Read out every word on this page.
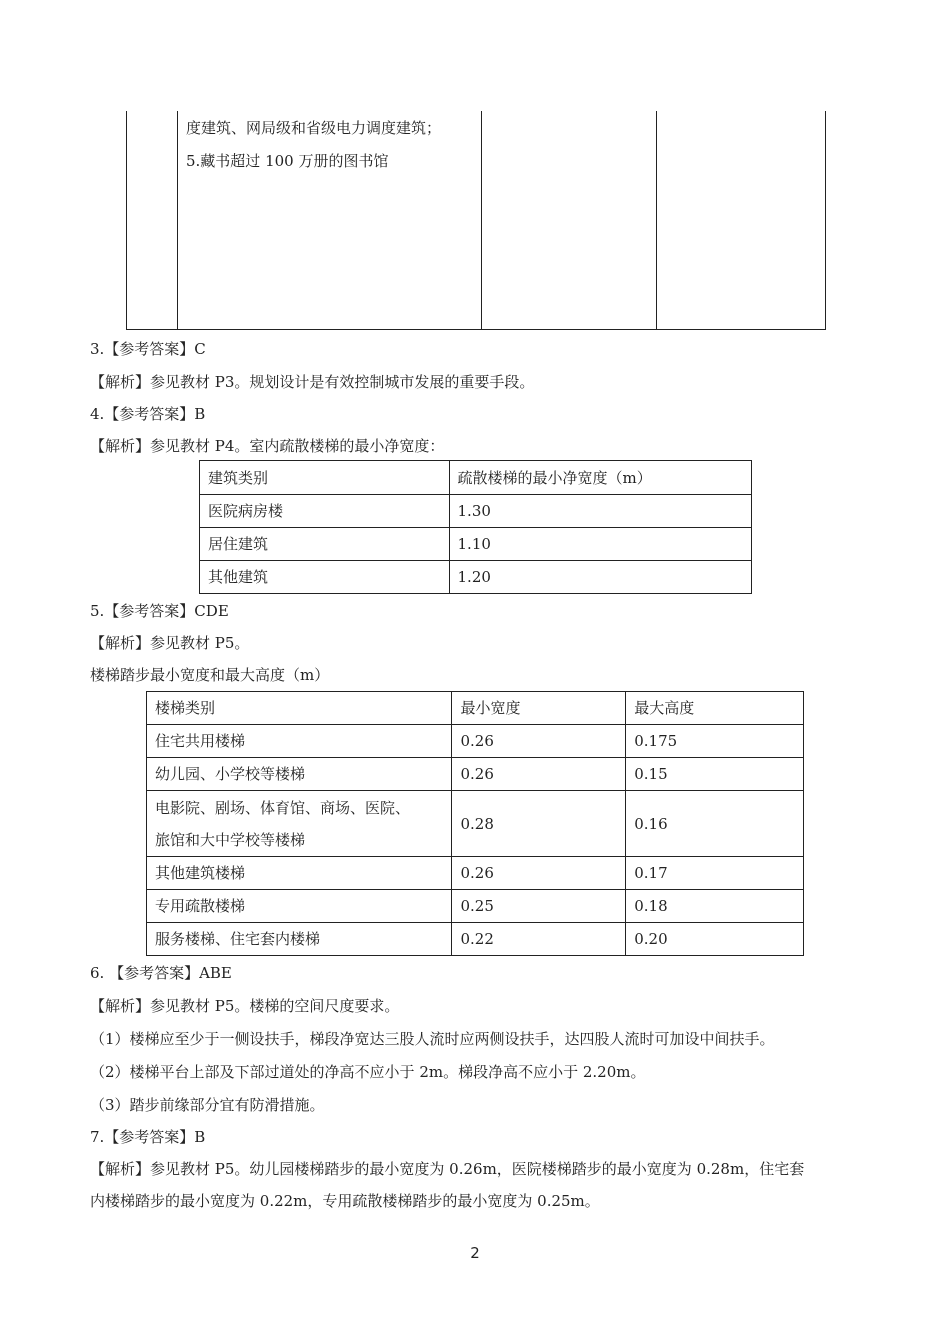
度建筑、网局级和省级电力调度建筑；
5.藏书超过 100 万册的图书馆
3.【参考答案】C
【解析】参见教材 P3。规划设计是有效控制城市发展的重要手段。
4.【参考答案】B
【解析】参见教材 P4。室内疏散楼梯的最小净宽度：
建筑类别	疏散楼梯的最小净宽度（m）
医院病房楼	1.30
居住建筑	1.10
其他建筑	1.20
5.【参考答案】CDE
【解析】参见教材 P5。
楼梯踏步最小宽度和最大高度（m）
楼梯类别	最小宽度	最大高度
住宅共用楼梯	0.26	0.175
幼儿园、小学校等楼梯	0.26	0.15

电影院、剧场、体育馆、商场、医院、
旅馆和大中学校等楼梯	0.28	0.16
其他建筑楼梯	0.26	0.17
专用疏散楼梯	0.25	0.18
服务楼梯、住宅套内楼梯	0.22	0.20
6. 【参考答案】ABE
【解析】参见教材 P5。楼梯的空间尺度要求。
（1）楼梯应至少于一侧设扶手，梯段净宽达三股人流时应两侧设扶手，达四股人流时可加设中间扶手。
（2）楼梯平台上部及下部过道处的净高不应小于 2m。梯段净高不应小于 2.20m。
（3）踏步前缘部分宜有防滑措施。
7.【参考答案】B
【解析】参见教材 P5。幼儿园楼梯踏步的最小宽度为 0.26m，医院楼梯踏步的最小宽度为 0.28m，住宅套
内楼梯踏步的最小宽度为 0.22m，专用疏散楼梯踏步的最小宽度为 0.25m。
2
